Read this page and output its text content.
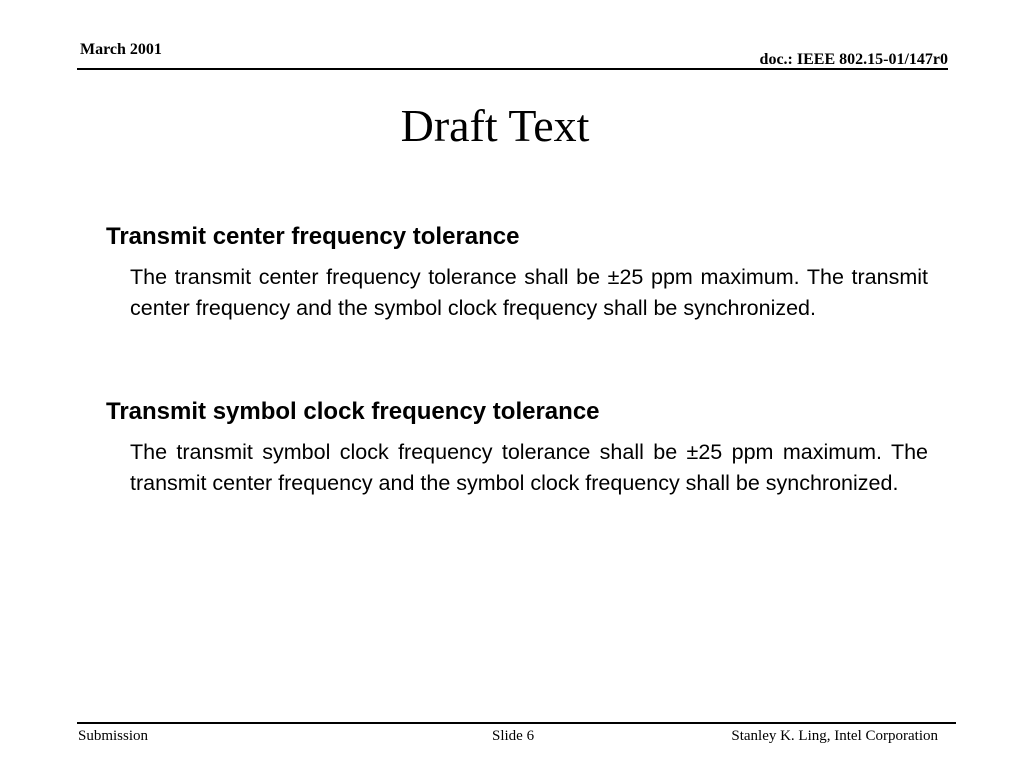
March 2001
doc.: IEEE 802.15-01/147r0
Draft Text
Transmit center frequency tolerance
The transmit center frequency tolerance shall be ±25 ppm maximum. The transmit center frequency and the symbol clock frequency shall be synchronized.
Transmit symbol clock frequency tolerance
The transmit symbol clock frequency tolerance shall be ±25 ppm maximum. The transmit center frequency and the symbol clock frequency shall be synchronized.
Submission	Slide 6	Stanley K. Ling, Intel Corporation
